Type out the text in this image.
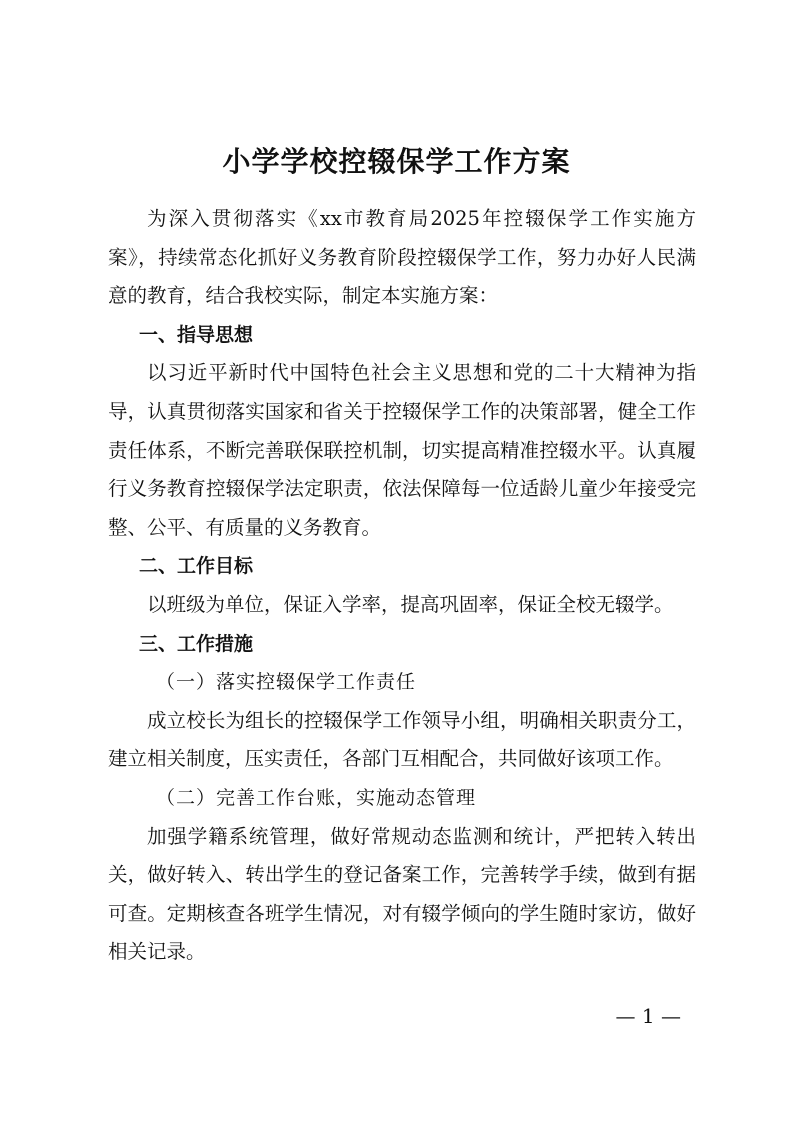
小学学校控辍保学工作方案

为深入贯彻落实《xx市教育局2025年控辍保学工作实施方案》，持续常态化抓好义务教育阶段控辍保学工作，努力办好人民满意的教育，结合我校实际，制定本实施方案：

一、指导思想

以习近平新时代中国特色社会主义思想和党的二十大精神为指导，认真贯彻落实国家和省关于控辍保学工作的决策部署，健全工作责任体系，不断完善联保联控机制，切实提高精准控辍水平。认真履行义务教育控辍保学法定职责，依法保障每一位适龄儿童少年接受完整、公平、有质量的义务教育。

二、工作目标

以班级为单位，保证入学率，提高巩固率，保证全校无辍学。

三、工作措施

（一）落实控辍保学工作责任

成立校长为组长的控辍保学工作领导小组，明确相关职责分工，建立相关制度，压实责任，各部门互相配合，共同做好该项工作。

（二）完善工作台账，实施动态管理

加强学籍系统管理，做好常规动态监测和统计，严把转入转出关，做好转入、转出学生的登记备案工作，完善转学手续，做到有据可查。定期核查各班学生情况，对有辍学倾向的学生随时家访，做好相关记录。

— 1 —
